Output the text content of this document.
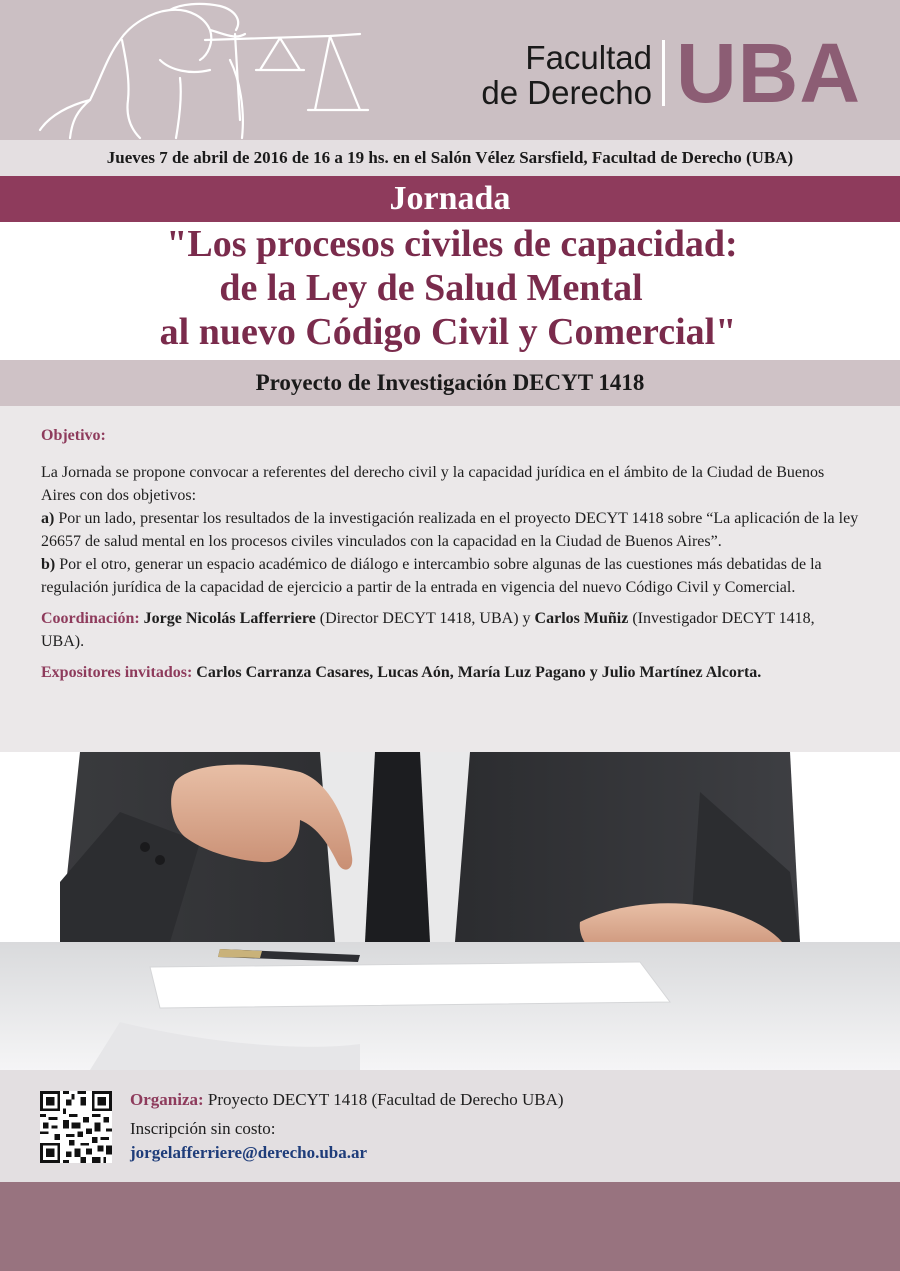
Facultad
de Derecho UBA
Jueves 7 de abril de 2016 de 16 a 19 hs. en el Salón Vélez Sarsfield, Facultad de Derecho (UBA)
Jornada
"Los procesos civiles de capacidad:
de la Ley de Salud Mental
al nuevo Código Civil y Comercial"
Proyecto de Investigación DECYT 1418

Objetivo:

La Jornada se propone convocar a referentes del derecho civil y la capacidad jurídica en el ámbito de la Ciudad de Buenos Aires con dos objetivos:

a) Por un lado, presentar los resultados de la investigación realizada en el proyecto DECYT 1418 sobre “La aplicación de la ley 26657 de salud mental en los procesos civiles vinculados con la capacidad en la Ciudad de Buenos Aires”.

b) Por el otro, generar un espacio académico de diálogo e intercambio sobre algunas de las cuestiones más debatidas de la regulación jurídica de la capacidad de ejercicio a partir de la entrada en vigencia del nuevo Código Civil y Comercial.

Coordinación: Jorge Nicolás Lafferriere (Director DECYT 1418, UBA) y Carlos Muñiz (Investigador DECYT 1418, UBA).

Expositores invitados: Carlos Carranza Casares, Lucas Aón, María Luz Pagano y Julio Martínez Alcorta.

Organiza: Proyecto DECYT 1418 (Facultad de Derecho UBA)
Inscripción sin costo:
jorgelafferriere@derecho.uba.ar
